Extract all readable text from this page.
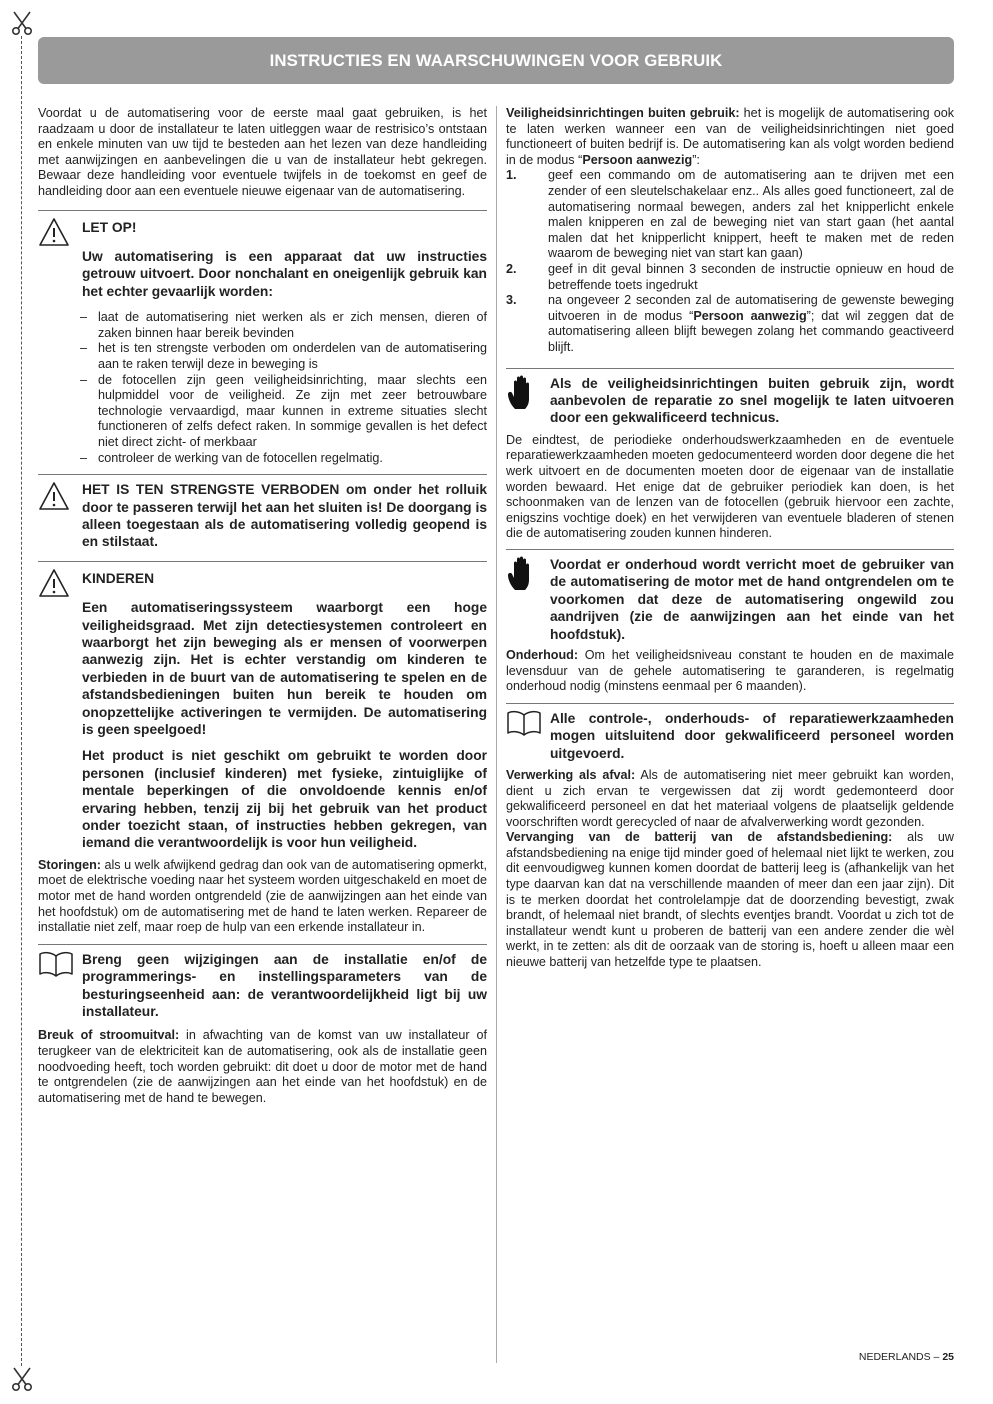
INSTRUCTIES EN WAARSCHUWINGEN VOOR GEBRUIK

Voordat u de automatisering voor de eerste maal gaat gebruiken, is het raadzaam u door de installateur te laten uitleggen waar de restrisico’s ontstaan en enkele minuten van uw tijd te besteden aan het lezen van deze handleiding met aanwijzingen en aanbevelingen die u van de installateur hebt gekregen. Bewaar deze handleiding voor eventuele twijfels in de toekomst en geef de handleiding door aan een eventuele nieuwe eigenaar van de automatisering.

LET OP!
Uw automatisering is een apparaat dat uw instructies getrouw uitvoert. Door nonchalant en oneigenlijk gebruik kan het echter gevaarlijk worden:
– laat de automatisering niet werken als er zich mensen, dieren of zaken binnen haar bereik bevinden
– het is ten strengste verboden om onderdelen van de automatisering aan te raken terwijl deze in beweging is
– de fotocellen zijn geen veiligheidsinrichting, maar slechts een hulpmiddel voor de veiligheid. Ze zijn met zeer betrouwbare technologie vervaardigd, maar kunnen in extreme situaties slecht functioneren of zelfs defect raken. In sommige gevallen is het defect niet direct zicht- of merkbaar
– controleer de werking van de fotocellen regelmatig.
HET IS TEN STRENGSTE VERBODEN om onder het rolluik door te passeren terwijl het aan het sluiten is! De doorgang is alleen toegestaan als de automatisering volledig geopend is en stilstaat.
KINDEREN
Een automatiseringssysteem waarborgt een hoge veiligheidsgraad. Met zijn detectiesystemen controleert en waarborgt het zijn beweging als er mensen of voorwerpen aanwezig zijn. Het is echter verstandig om kinderen te verbieden in de buurt van de automatisering te spelen en de afstandsbedieningen buiten hun bereik te houden om onopzettelijke activeringen te vermijden. De automatisering is geen speelgoed!
Het product is niet geschikt om gebruikt te worden door personen (inclusief kinderen) met fysieke, zintuiglijke of mentale beperkingen of die onvoldoende kennis en/of ervaring hebben, tenzij zij bij het gebruik van het product onder toezicht staan, of instructies hebben gekregen, van iemand die verantwoordelijk is voor hun veiligheid.

Storingen: als u welk afwijkend gedrag dan ook van de automatisering opmerkt, moet de elektrische voeding naar het systeem worden uitgeschakeld en moet de motor met de hand worden ontgrendeld (zie de aanwijzingen aan het einde van het hoofdstuk) om de automatisering met de hand te laten werken. Repareer de installatie niet zelf, maar roep de hulp van een erkende installateur in.

Breng geen wijzigingen aan de installatie en/of de programmerings- en instellingsparameters van de besturingseenheid aan: de verantwoordelijkheid ligt bij uw installateur.

Breuk of stroomuitval: in afwachting van de komst van uw installateur of terugkeer van de elektriciteit kan de automatisering, ook als de installatie geen noodvoeding heeft, toch worden gebruikt: dit doet u door de motor met de hand te ontgrendelen (zie de aanwijzingen aan het einde van het hoofdstuk) en de automatisering met de hand te bewegen.

Veiligheidsinrichtingen buiten gebruik: het is mogelijk de automatisering ook te laten werken wanneer een van de veiligheidsinrichtingen niet goed functioneert of buiten bedrijf is. De automatisering kan als volgt worden bediend in de modus “Persoon aanwezig”:

1.	geef een commando om de automatisering aan te drijven met een zender of een sleutelschakelaar enz.. Als alles goed functioneert, zal de automatisering normaal bewegen, anders zal het knipperlicht enkele malen knipperen en zal de beweging niet van start gaan (het aantal malen dat het knipperlicht knippert, heeft te maken met de reden waarom de beweging niet van start kan gaan)
2.	geef in dit geval binnen 3 seconden de instructie opnieuw en houd de betreffende toets ingedrukt
3.	na ongeveer 2 seconden zal de automatisering de gewenste beweging uitvoeren in de modus “Persoon aanwezig”; dat wil zeggen dat de automatisering alleen blijft bewegen zolang het commando geactiveerd blijft.
Als de veiligheidsinrichtingen buiten gebruik zijn, wordt aanbevolen de reparatie zo snel mogelijk te laten uitvoeren door een gekwalificeerd technicus.

De eindtest, de periodieke onderhoudswerkzaamheden en de eventuele reparatiewerkzaamheden moeten gedocumenteerd worden door degene die het werk uitvoert en de documenten moeten door de eigenaar van de installatie worden bewaard. Het enige dat de gebruiker periodiek kan doen, is het schoonmaken van de lenzen van de fotocellen (gebruik hiervoor een zachte, enigszins vochtige doek) en het verwijderen van eventuele bladeren of stenen die de automatisering zouden kunnen hinderen.

Voordat er onderhoud wordt verricht moet de gebruiker van de automatisering de motor met de hand ontgrendelen om te voorkomen dat deze de automatisering ongewild zou aandrijven (zie de aanwijzingen aan het einde van het hoofdstuk).

Onderhoud: Om het veiligheidsniveau constant te houden en de maximale levensduur van de gehele automatisering te garanderen, is regelmatig onderhoud nodig (minstens eenmaal per 6 maanden).

Alle controle-, onderhouds- of reparatiewerkzaamheden mogen uitsluitend door gekwalificeerd personeel worden uitgevoerd.

Verwerking als afval: Als de automatisering niet meer gebruikt kan worden, dient u zich ervan te vergewissen dat zij wordt gedemonteerd door gekwalificeerd personeel en dat het materiaal volgens de plaatselijk geldende voorschriften wordt gerecycled of naar de afvalverwerking wordt gezonden.

Vervanging van de batterij van de afstandsbediening: als uw afstandsbediening na enige tijd minder goed of helemaal niet lijkt te werken, zou dit eenvoudigweg kunnen komen doordat de batterij leeg is (afhankelijk van het type daarvan kan dat na verschillende maanden of meer dan een jaar zijn). Dit is te merken doordat het controlelampje dat de doorzending bevestigt, zwak brandt, of helemaal niet brandt, of slechts eventjes brandt. Voordat u zich tot de installateur wendt kunt u proberen de batterij van een andere zender die wèl werkt, in te zetten: als dit de oorzaak van de storing is, hoeft u alleen maar een nieuwe batterij van hetzelfde type te plaatsen.

NEDERLANDS – 25
